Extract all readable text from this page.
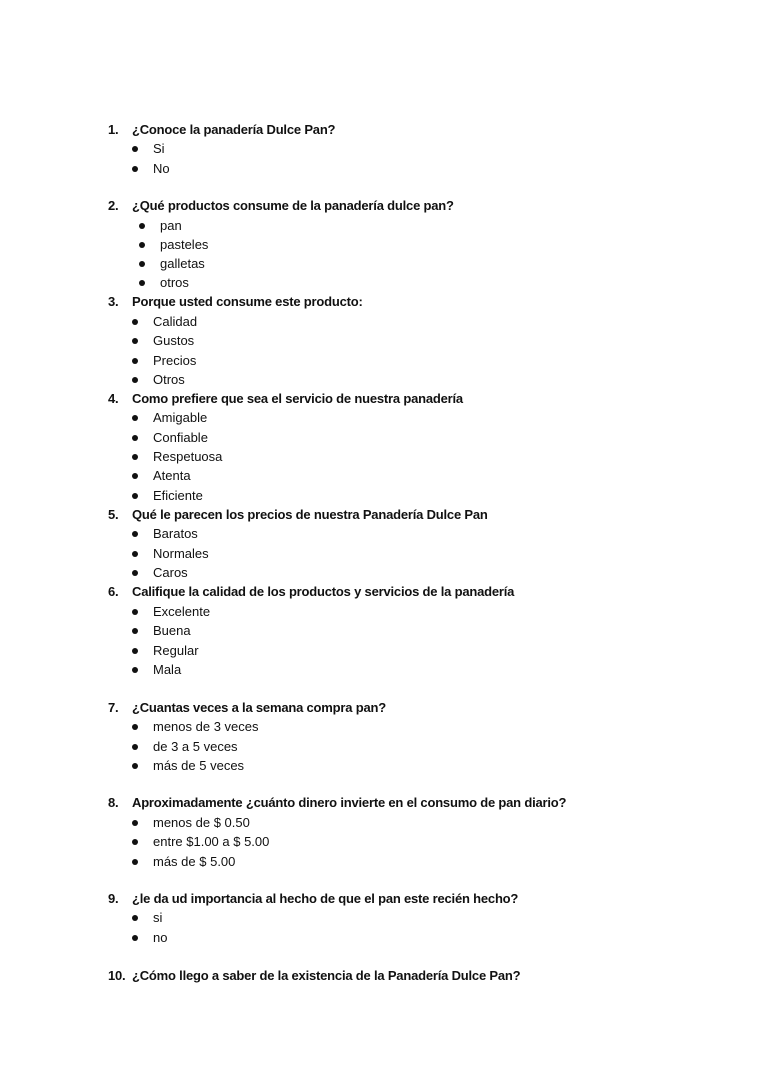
1. ¿Conoce la panadería Dulce Pan?
Si
No
2. ¿Qué productos consume de la panadería dulce pan?
pan
pasteles
galletas
otros
3. Porque usted consume este producto:
Calidad
Gustos
Precios
Otros
4. Como prefiere que sea el servicio de nuestra panadería
Amigable
Confiable
Respetuosa
Atenta
Eficiente
5. Qué le parecen los precios de nuestra Panadería Dulce Pan
Baratos
Normales
Caros
6. Califique la calidad de los productos y servicios de la panadería
Excelente
Buena
Regular
Mala
7. ¿Cuantas veces a la semana compra pan?
menos de 3 veces
de 3 a 5 veces
más de 5 veces
8. Aproximadamente ¿cuánto dinero invierte en el consumo de pan diario?
menos de $ 0.50
entre $1.00 a $ 5.00
más de $ 5.00
9. ¿le da ud importancia al hecho de que el pan este recién hecho?
si
no
10. ¿Cómo llego a saber de la existencia de la Panadería Dulce Pan?
